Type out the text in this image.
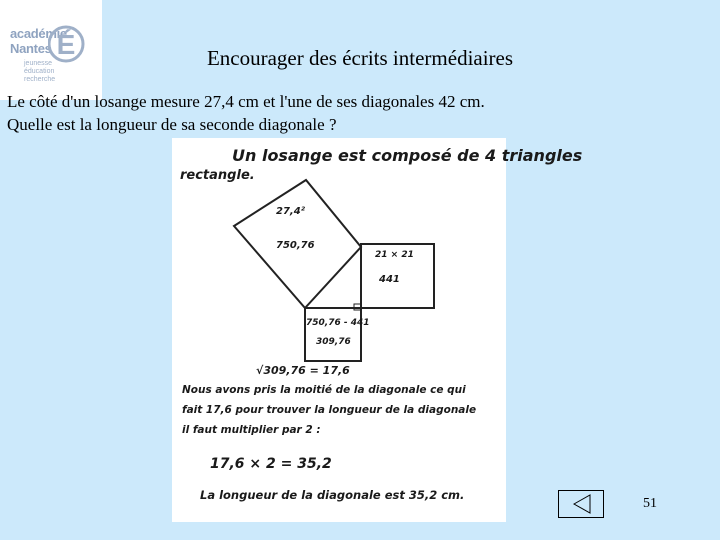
académie
Nantes É
jeunesse
éducation
recherche
Encourager des écrits intermédiaires
Le côté d'un losange mesure 27,4 cm et l'une de ses diagonales 42 cm.
Quelle est la longueur de sa seconde diagonale ?
Un losange est composé de 4 triangles
rectangle.
27,4²
750,76
21 × 21
441
750,76 - 441
309,76
√309,76 = 17,6
Nous avons pris la moitié de la diagonale ce qui
fait 17,6 pour trouver la longueur de la diagonale
il faut multiplier par 2 :
17,6 × 2 = 35,2
La longueur de la diagonale est 35,2 cm.
51
